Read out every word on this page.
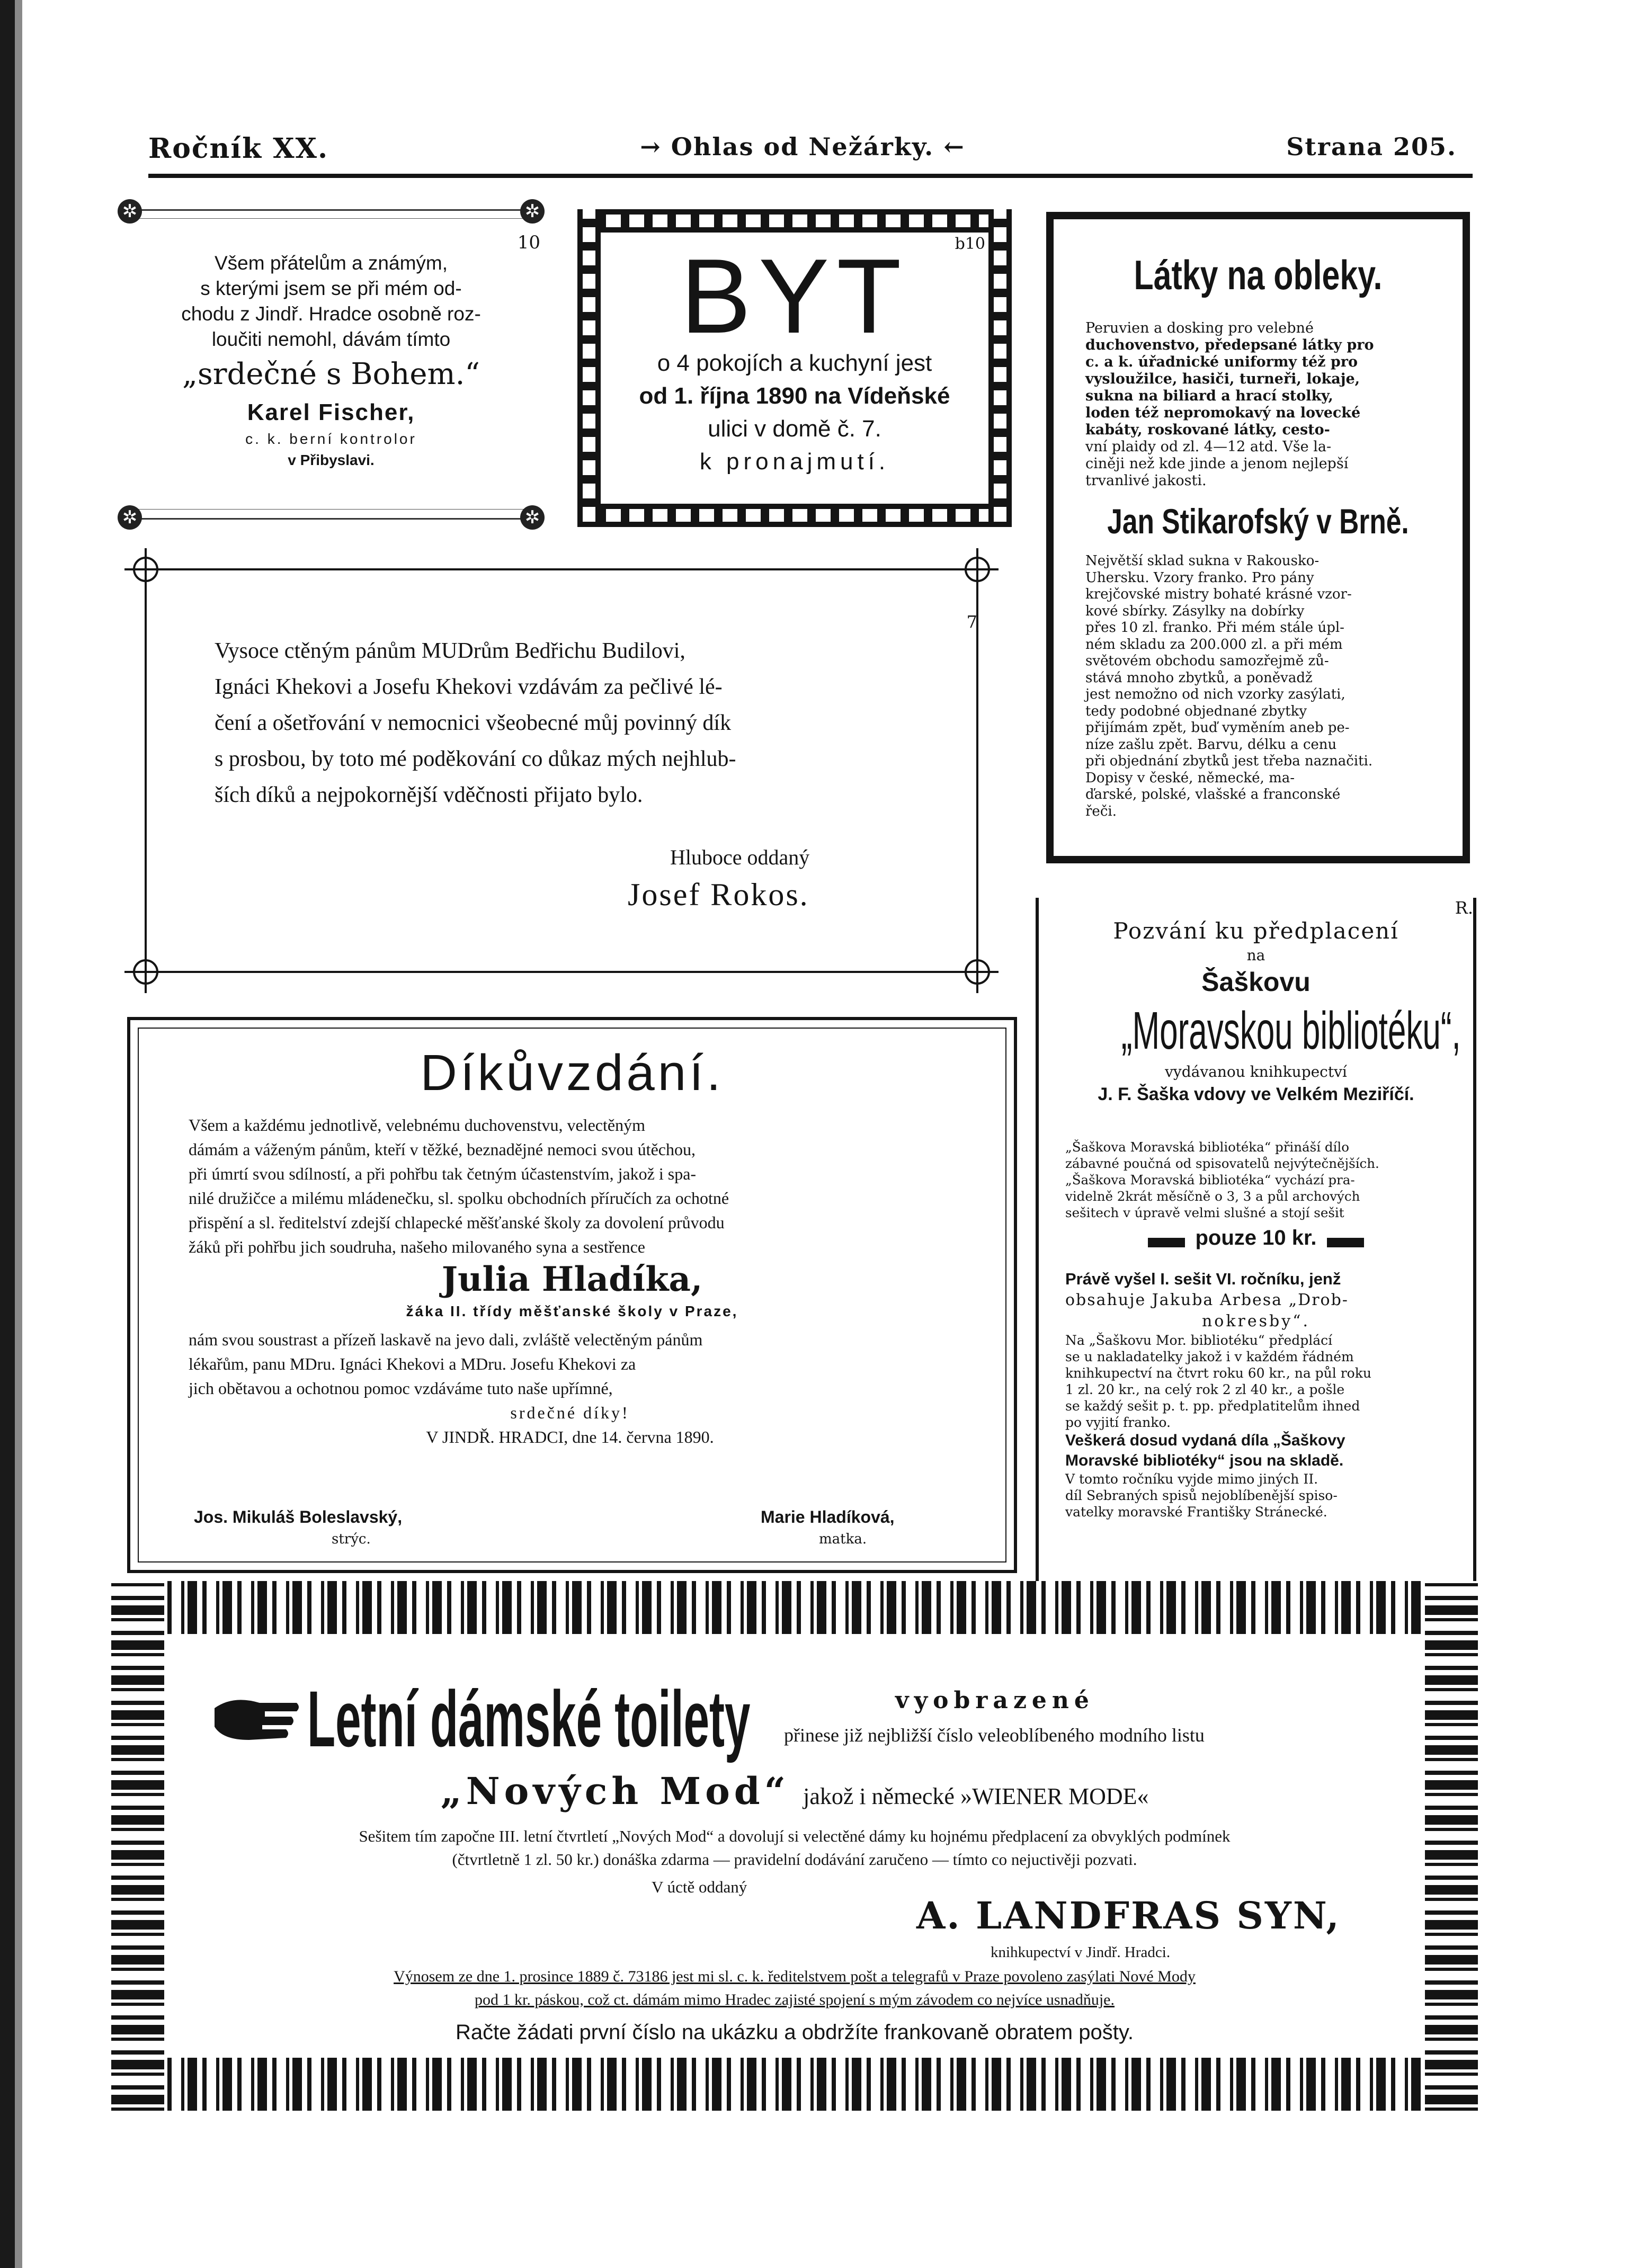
Ročník XX.	→ Ohlas od Nežárky. ←	Strana 205.
✲	✲
✲	✲
10

Všem přátelům a známým,

s kterými jsem se při mém od-

chodu z Jindř. Hradce osobně roz-

loučiti nemohl, dávám tímto

„srdečné s Bohem.“

Karel Fischer,

c. k. berní kontrolor

v Přibyslavi.

b10

BYT

o 4 pokojích a kuchyní jest

od 1. října 1890 na Vídeňské

ulici v domě č. 7.

k pronajmutí.

Látky na obleky.

Peruvien a dosking pro velebné

duchovenstvo, předepsané látky pro

c. a k. úřadnické uniformy též pro

vysloužilce, hasiči, turneři, lokaje,

sukna na biliard a hrací stolky,

loden též nepromokavý na lovecké

kabáty, roskované látky, cesto-

vní plaidy od zl. 4—12 atd. Vše la-

ciněji než kde jinde a jenom nejlepší

trvanlivé jakosti.

Jan Stikarofský v Brně.

Největší sklad sukna v Rakousko-

Uhersku. Vzory franko. Pro pány

krejčovské mistry bohaté krásné vzor-

kové sbírky. Zásylky na dobírky

přes 10 zl. franko. Při mém stále úpl-

ném skladu za 200.000 zl. a při mém

světovém obchodu samozřejmě zů-

stává mnoho zbytků, a poněvadž

jest nemožno od nich vzorky zasýlati,

tedy podobné objednané zbytky

přijímám zpět, buď vyměním aneb pe-

níze zašlu zpět. Barvu, délku a cenu

při objednání zbytků jest třeba naznačiti.

Dopisy v české, německé, ma-

ďarské, polské, vlašské a franconské

řeči.

7

Vysoce ctěným pánům MUDrům Bedřichu Budilovi,

Ignáci Khekovi a Josefu Khekovi vzdávám za pečlivé lé-

čení a ošetřování v nemocnici všeobecné můj povinný dík

s prosbou, by toto mé poděkování co důkaz mých nejhlub-

ších díků a nejpokornější vděčnosti přijato bylo.

Hluboce oddaný

Josef Rokos.

Díkůvzdání.

Všem a každému jednotlivě, velebnému duchovenstvu, velectěným

dámám a váženým pánům, kteří v těžké, beznadějné nemoci svou útěchou,

při úmrtí svou sdílností, a při pohřbu tak četným účastenstvím, jakož i spa-

nilé družičce a milému mládenečku, sl. spolku obchodních příručích za ochotné

přispění a sl. ředitelství zdejší chlapecké měšťanské školy za dovolení průvodu

žáků při pohřbu jich soudruha, našeho milovaného syna a sestřence

Julia Hladíka,

žáka II. třídy měšťanské školy v Praze,

nám svou soustrast a přízeň laskavě na jevo dali, zvláště velectěným pánům

lékařům, panu MDru. Ignáci Khekovi a MDru. Josefu Khekovi za

jich obětavou a ochotnou pomoc vzdáváme tuto naše upřímné,

srdečné díky!

V JINDŘ. HRADCI, dne 14. června 1890.

Jos. Mikuláš Boleslavský,

strýc.

Marie Hladíková,

matka.

R.

Pozvání ku předplacení

na

Šaškovu

„Moravskou bibliotéku“,

vydávanou knihkupectví

J. F. Šaška vdovy ve Velkém Meziříčí.

„Šaškova Moravská bibliotéka“ přináší dílo

zábavné poučná od spisovatelů nejvýtečnějších.

„Šaškova Moravská bibliotéka“ vychází pra-

videlně 2krát měsíčně o 3, 3 a půl archových

sešitech v úpravě velmi slušné a stojí sešit

pouze 10 kr.

Právě vyšel I. sešit VI. ročníku, jenž

obsahuje Jakuba Arbesa „Drob-

nokresby“.

Na „Šaškovu Mor. bibliotéku“ předplácí

se u nakladatelky jakož i v každém řádném

knihkupectví na čtvrt roku 60 kr., na půl roku

1 zl. 20 kr., na celý rok 2 zl 40 kr., a pošle

se každý sešit p. t. pp. předplatitelům ihned

po vyjití franko.

Veškerá dosud vydaná díla „Šaškovy

Moravské bibliotéky“ jsou na skladě.

V tomto ročníku vyjde mimo jiných II.

díl Sebraných spisů nejoblíbenější spiso-

vatelky moravské Františky Stránecké.

Letní dámské toilety	vyobrazené

přinese již nejbližší číslo veleoblíbeného modního listu

„Nových Mod“ jakož i německé »WIENER MODE«

Sešitem tím započne III. letní čtvrtletí „Nových Mod“ a dovolují si velectěné dámy ku hojnému předplacení za obvyklých podmínek

(čtvrtletně 1 zl. 50 kr.) donáška zdarma — pravidelní dodávání zaručeno — tímto co nejuctivěji pozvati.

V úctě oddaný

A. LANDFRAS SYN,

knihkupectví v Jindř. Hradci.

Výnosem ze dne 1. prosince 1889 č. 73186 jest mi sl. c. k. ředitelstvem pošt a telegrafů v Praze povoleno zasýlati Nové Mody

pod 1 kr. páskou, což ct. dámám mimo Hradec zajisté spojení s mým závodem co nejvíce usnadňuje.

Račte žádati první číslo na ukázku a obdržíte frankovaně obratem pošty.
